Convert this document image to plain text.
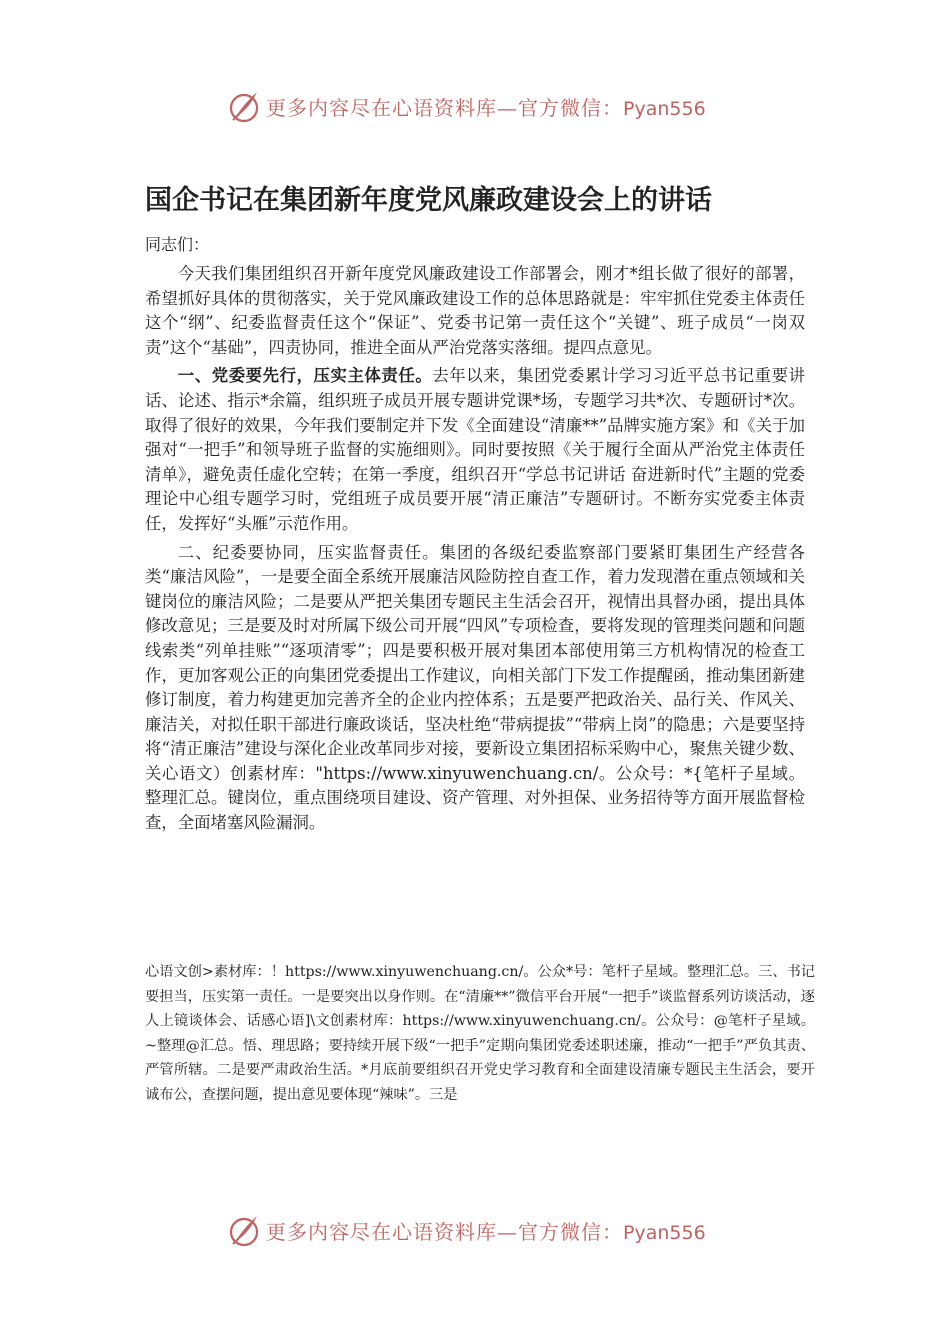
更多内容尽在心语资料库—官方微信：Pyan556
国企书记在集团新年度党风廉政建设会上的讲话
同志们：

今天我们集团组织召开新年度党风廉政建设工作部署会，刚才*组长做了很好的部署，希望抓好具体的贯彻落实，关于党风廉政建设工作的总体思路就是：牢牢抓住党委主体责任这个“纲”、纪委监督责任这个“保证”、党委书记第一责任这个“关键”、班子成员“一岗双责”这个“基础”，四责协同，推进全面从严治党落实落细。提四点意见。

一、党委要先行，压实主体责任。去年以来，集团党委累计学习习近平总书记重要讲话、论述、指示*余篇，组织班子成员开展专题讲党课*场，专题学习共*次、专题研讨*次。取得了很好的效果，今年我们要制定并下发《全面建设“清廉**”品牌实施方案》和《关于加强对“一把手”和领导班子监督的实施细则》。同时要按照《关于履行全面从严治党主体责任清单》，避免责任虚化空转；在第一季度，组织召开“学总书记讲话 奋进新时代”主题的党委理论中心组专题学习时，党组班子成员要开展“清正廉洁”专题研讨。不断夯实党委主体责任，发挥好“头雁”示范作用。

二、纪委要协同，压实监督责任。集团的各级纪委监察部门要紧盯集团生产经营各类“廉洁风险”，一是要全面全系统开展廉洁风险防控自查工作，着力发现潜在重点领域和关键岗位的廉洁风险；二是要从严把关集团专题民主生活会召开，视情出具督办函，提出具体修改意见；三是要及时对所属下级公司开展“四风”专项检查，要将发现的管理类问题和问题线索类“列单挂账”“逐项清零”；四是要积极开展对集团本部使用第三方机构情况的检查工作，更加客观公正的向集团党委提出工作建议，向相关部门下发工作提醒函，推动集团新建修订制度，着力构建更加完善齐全的企业内控体系；五是要严把政治关、品行关、作风关、廉洁关，对拟任职干部进行廉政谈话，坚决杜绝“带病提拔”“带病上岗”的隐患；六是要坚持将“清正廉洁”建设与深化企业改革同步对接，要新设立集团招标采购中心，聚焦关键少数、关心语文）创素材库："https://www.xinyuwenchuang.cn/。公众号：*{笔杆子星域。整理汇总。键岗位，重点围绕项目建设、资产管理、对外担保、业务招待等方面开展监督检查，全面堵塞风险漏洞。

心语文创>素材库：！https://www.xinyuwenchuang.cn/。公众*号：笔杆子星域。整理汇总。三、书记要担当，压实第一责任。一是要突出以身作则。在“清廉**”微信平台开展“一把手”谈监督系列访谈活动，逐人上镜谈体会、话感心语]\文创素材库：https://www.xinyuwenchuang.cn/。公众号：@笔杆子星域。~整理@汇总。悟、理思路；要持续开展下级“一把手”定期向集团党委述职述廉，推动“一把手”严负其责、严管所辖。二是要严肃政治生活。*月底前要组织召开党史学习教育和全面建设清廉专题民主生活会，要开诚布公，查摆问题，提出意见要体现“辣味”。三是

更多内容尽在心语资料库—官方微信：Pyan556
